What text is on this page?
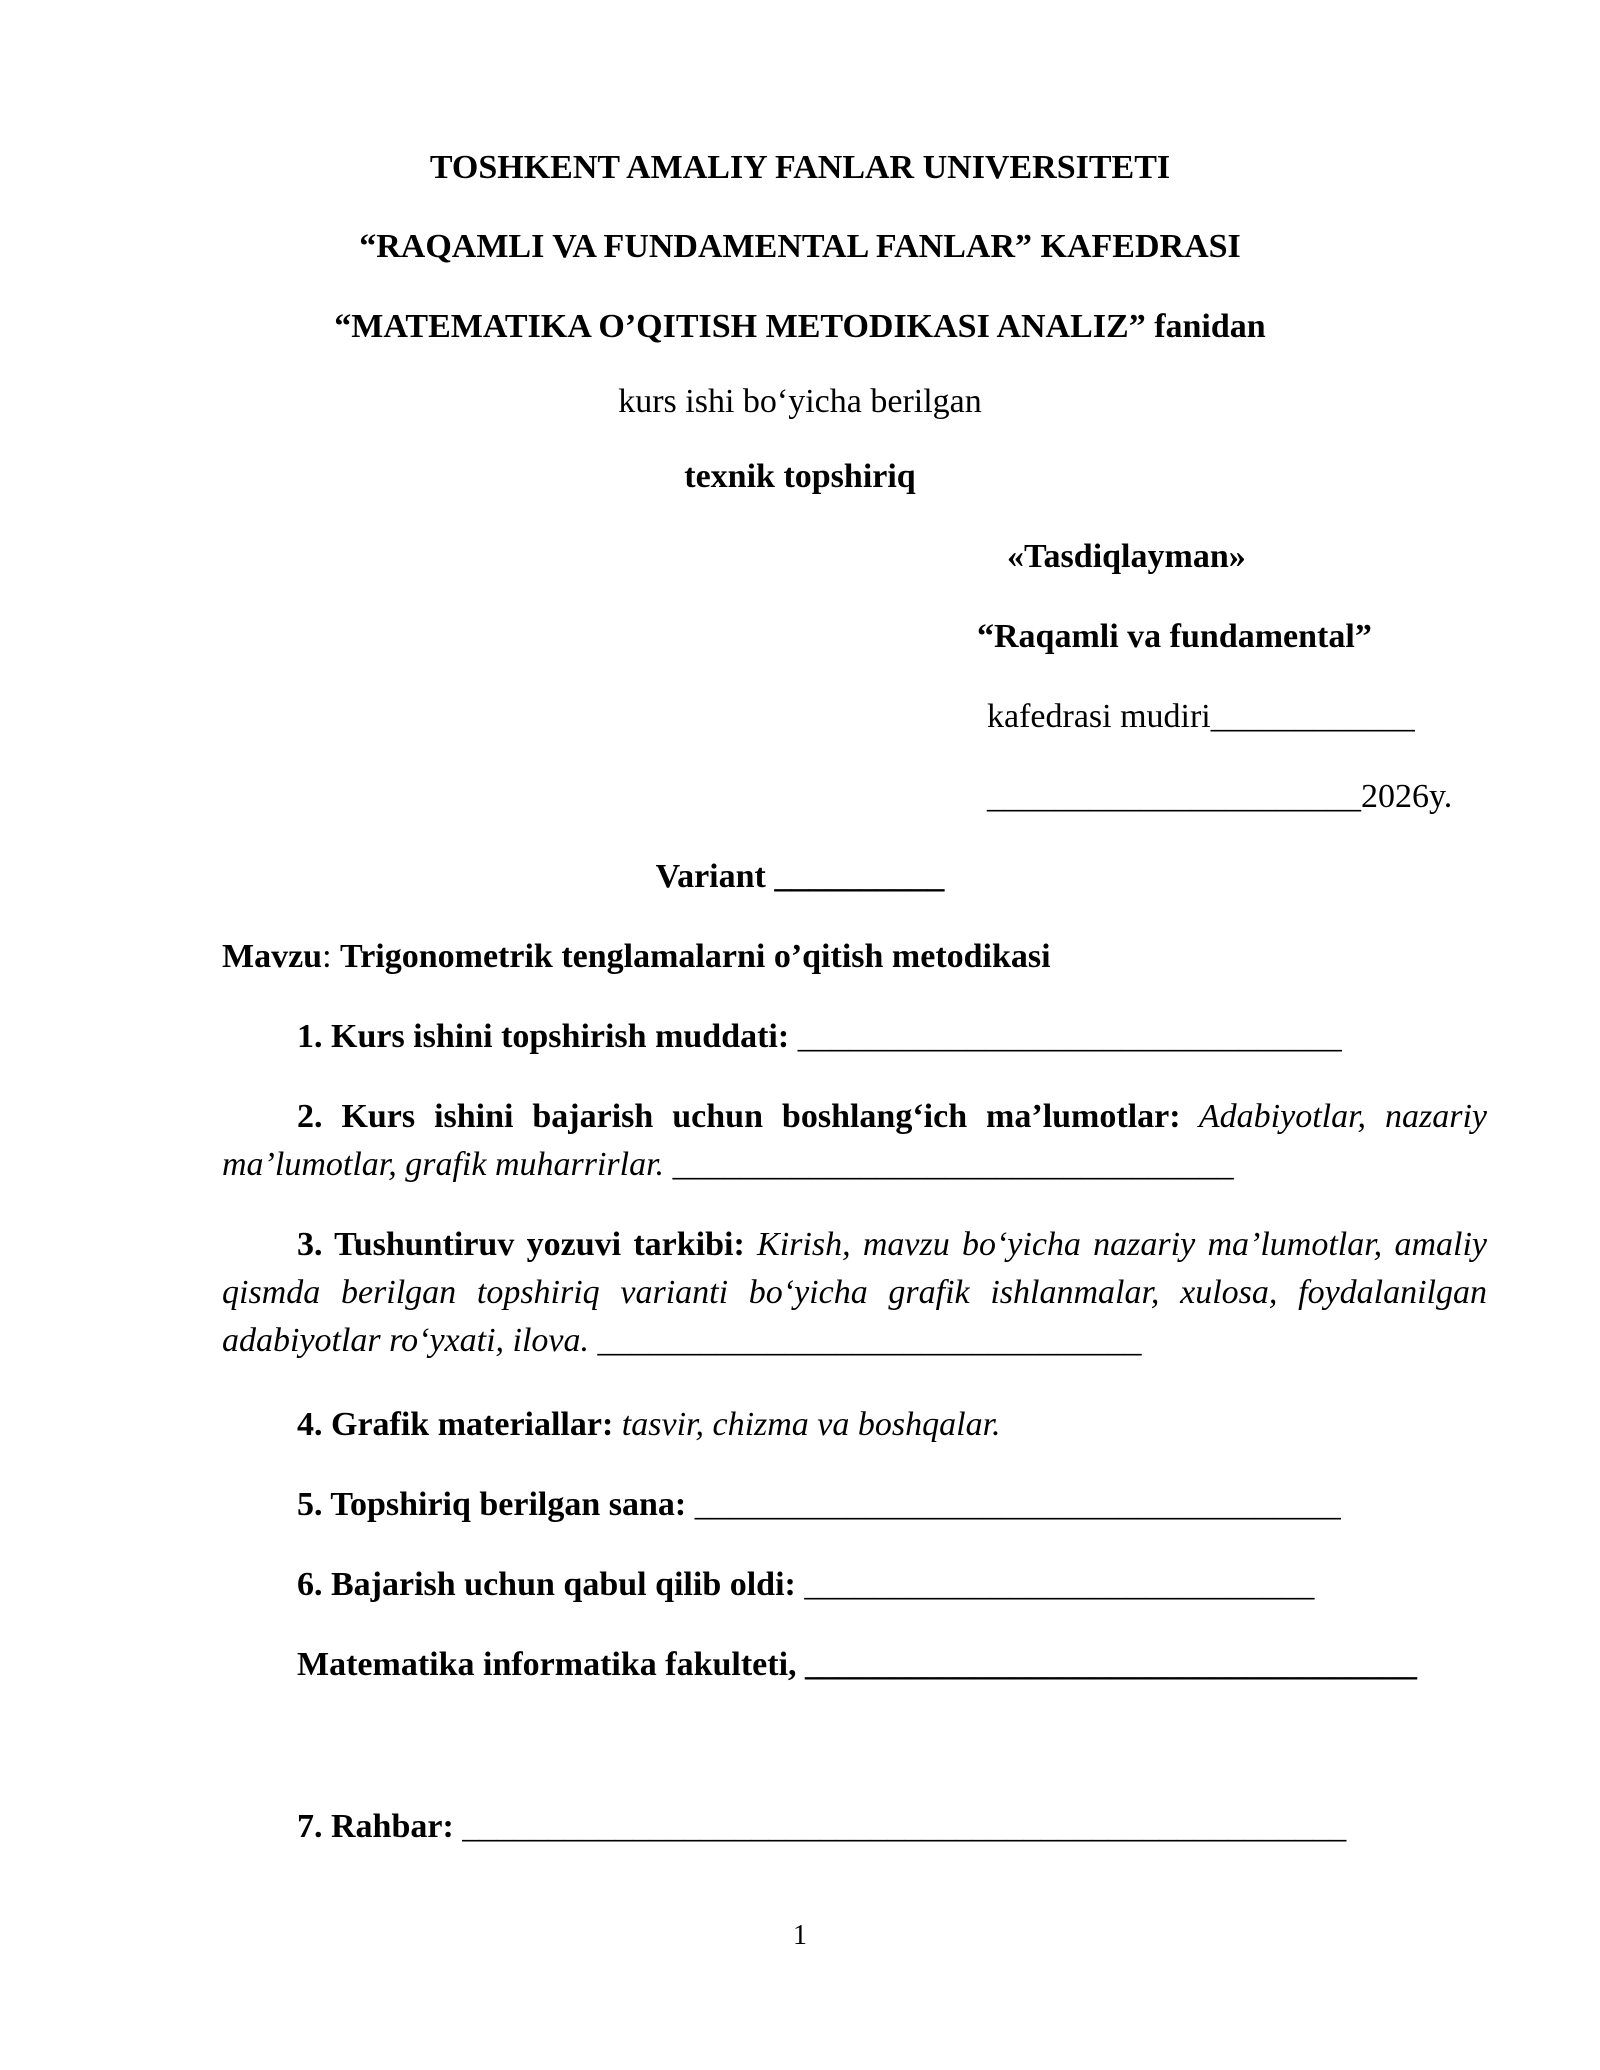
TOSHKENT AMALIY FANLAR UNIVERSITETI
“RAQAMLI VA FUNDAMENTAL FANLAR” KAFEDRASI
“MATEMATIKA O’QITISH METODIKASI ANALIZ” fanidan
kurs ishi bo‘yicha berilgan
texnik topshiriq
«Tasdiqlayman»
“Raqamli va fundamental”
kafedrasi mudiri____________
______________________2026y.
Variant __________
Mavzu: Trigonometrik tenglamalarni o’qitish metodikasi
1. Kurs ishini topshirish muddati: ________________________________
2. Kurs ishini bajarish uchun boshlang‘ich ma’lumotlar: Adabiyotlar, nazariy ma’lumotlar, grafik muharrirlar. _________________________________
3. Tushuntiruv yozuvi tarkibi: Kirish, mavzu bo‘yicha nazariy ma’lumotlar, amaliy qismda berilgan topshiriq varianti bo‘yicha grafik ishlanmalar, xulosa, foydalanilgan adabiyotlar ro‘yxati, ilova. ________________________________
4. Grafik materiallar: tasvir, chizma va boshqalar.
5. Topshiriq berilgan sana: ______________________________________
6. Bajarish uchun qabul qilib oldi: ______________________________
Matematika informatika fakulteti, ____________________________________
7. Rahbar: ____________________________________________________
1
